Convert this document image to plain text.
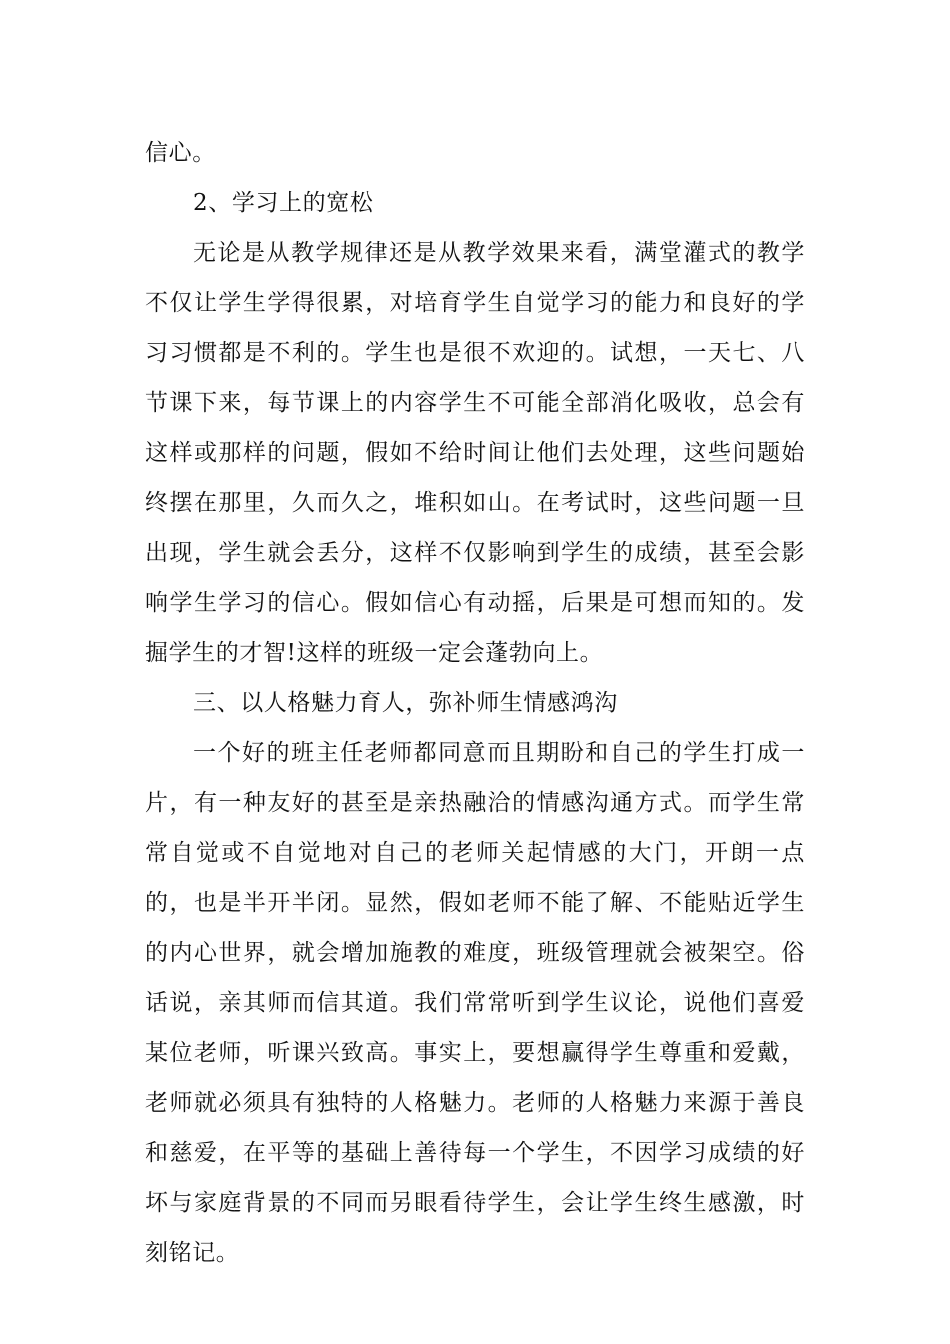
信心。

2、学习上的宽松

无论是从教学规律还是从教学效果来看，满堂灌式的教学不仅让学生学得很累，对培育学生自觉学习的能力和良好的学习习惯都是不利的。学生也是很不欢迎的。试想，一天七、八节课下来，每节课上的内容学生不可能全部消化吸收，总会有这样或那样的问题，假如不给时间让他们去处理，这些问题始终摆在那里，久而久之，堆积如山。在考试时，这些问题一旦出现，学生就会丢分，这样不仅影响到学生的成绩，甚至会影响学生学习的信心。假如信心有动摇，后果是可想而知的。发掘学生的才智!这样的班级一定会蓬勃向上。

三、以人格魅力育人，弥补师生情感鸿沟

一个好的班主任老师都同意而且期盼和自己的学生打成一片，有一种友好的甚至是亲热融洽的情感沟通方式。而学生常常自觉或不自觉地对自己的老师关起情感的大门，开朗一点的，也是半开半闭。显然，假如老师不能了解、不能贴近学生的内心世界，就会增加施教的难度，班级管理就会被架空。俗话说，亲其师而信其道。我们常常听到学生议论，说他们喜爱某位老师，听课兴致高。事实上，要想赢得学生尊重和爱戴，老师就必须具有独特的人格魅力。老师的人格魅力来源于善良和慈爱，在平等的基础上善待每一个学生，不因学习成绩的好坏与家庭背景的不同而另眼看待学生，会让学生终生感激，时刻铭记。
